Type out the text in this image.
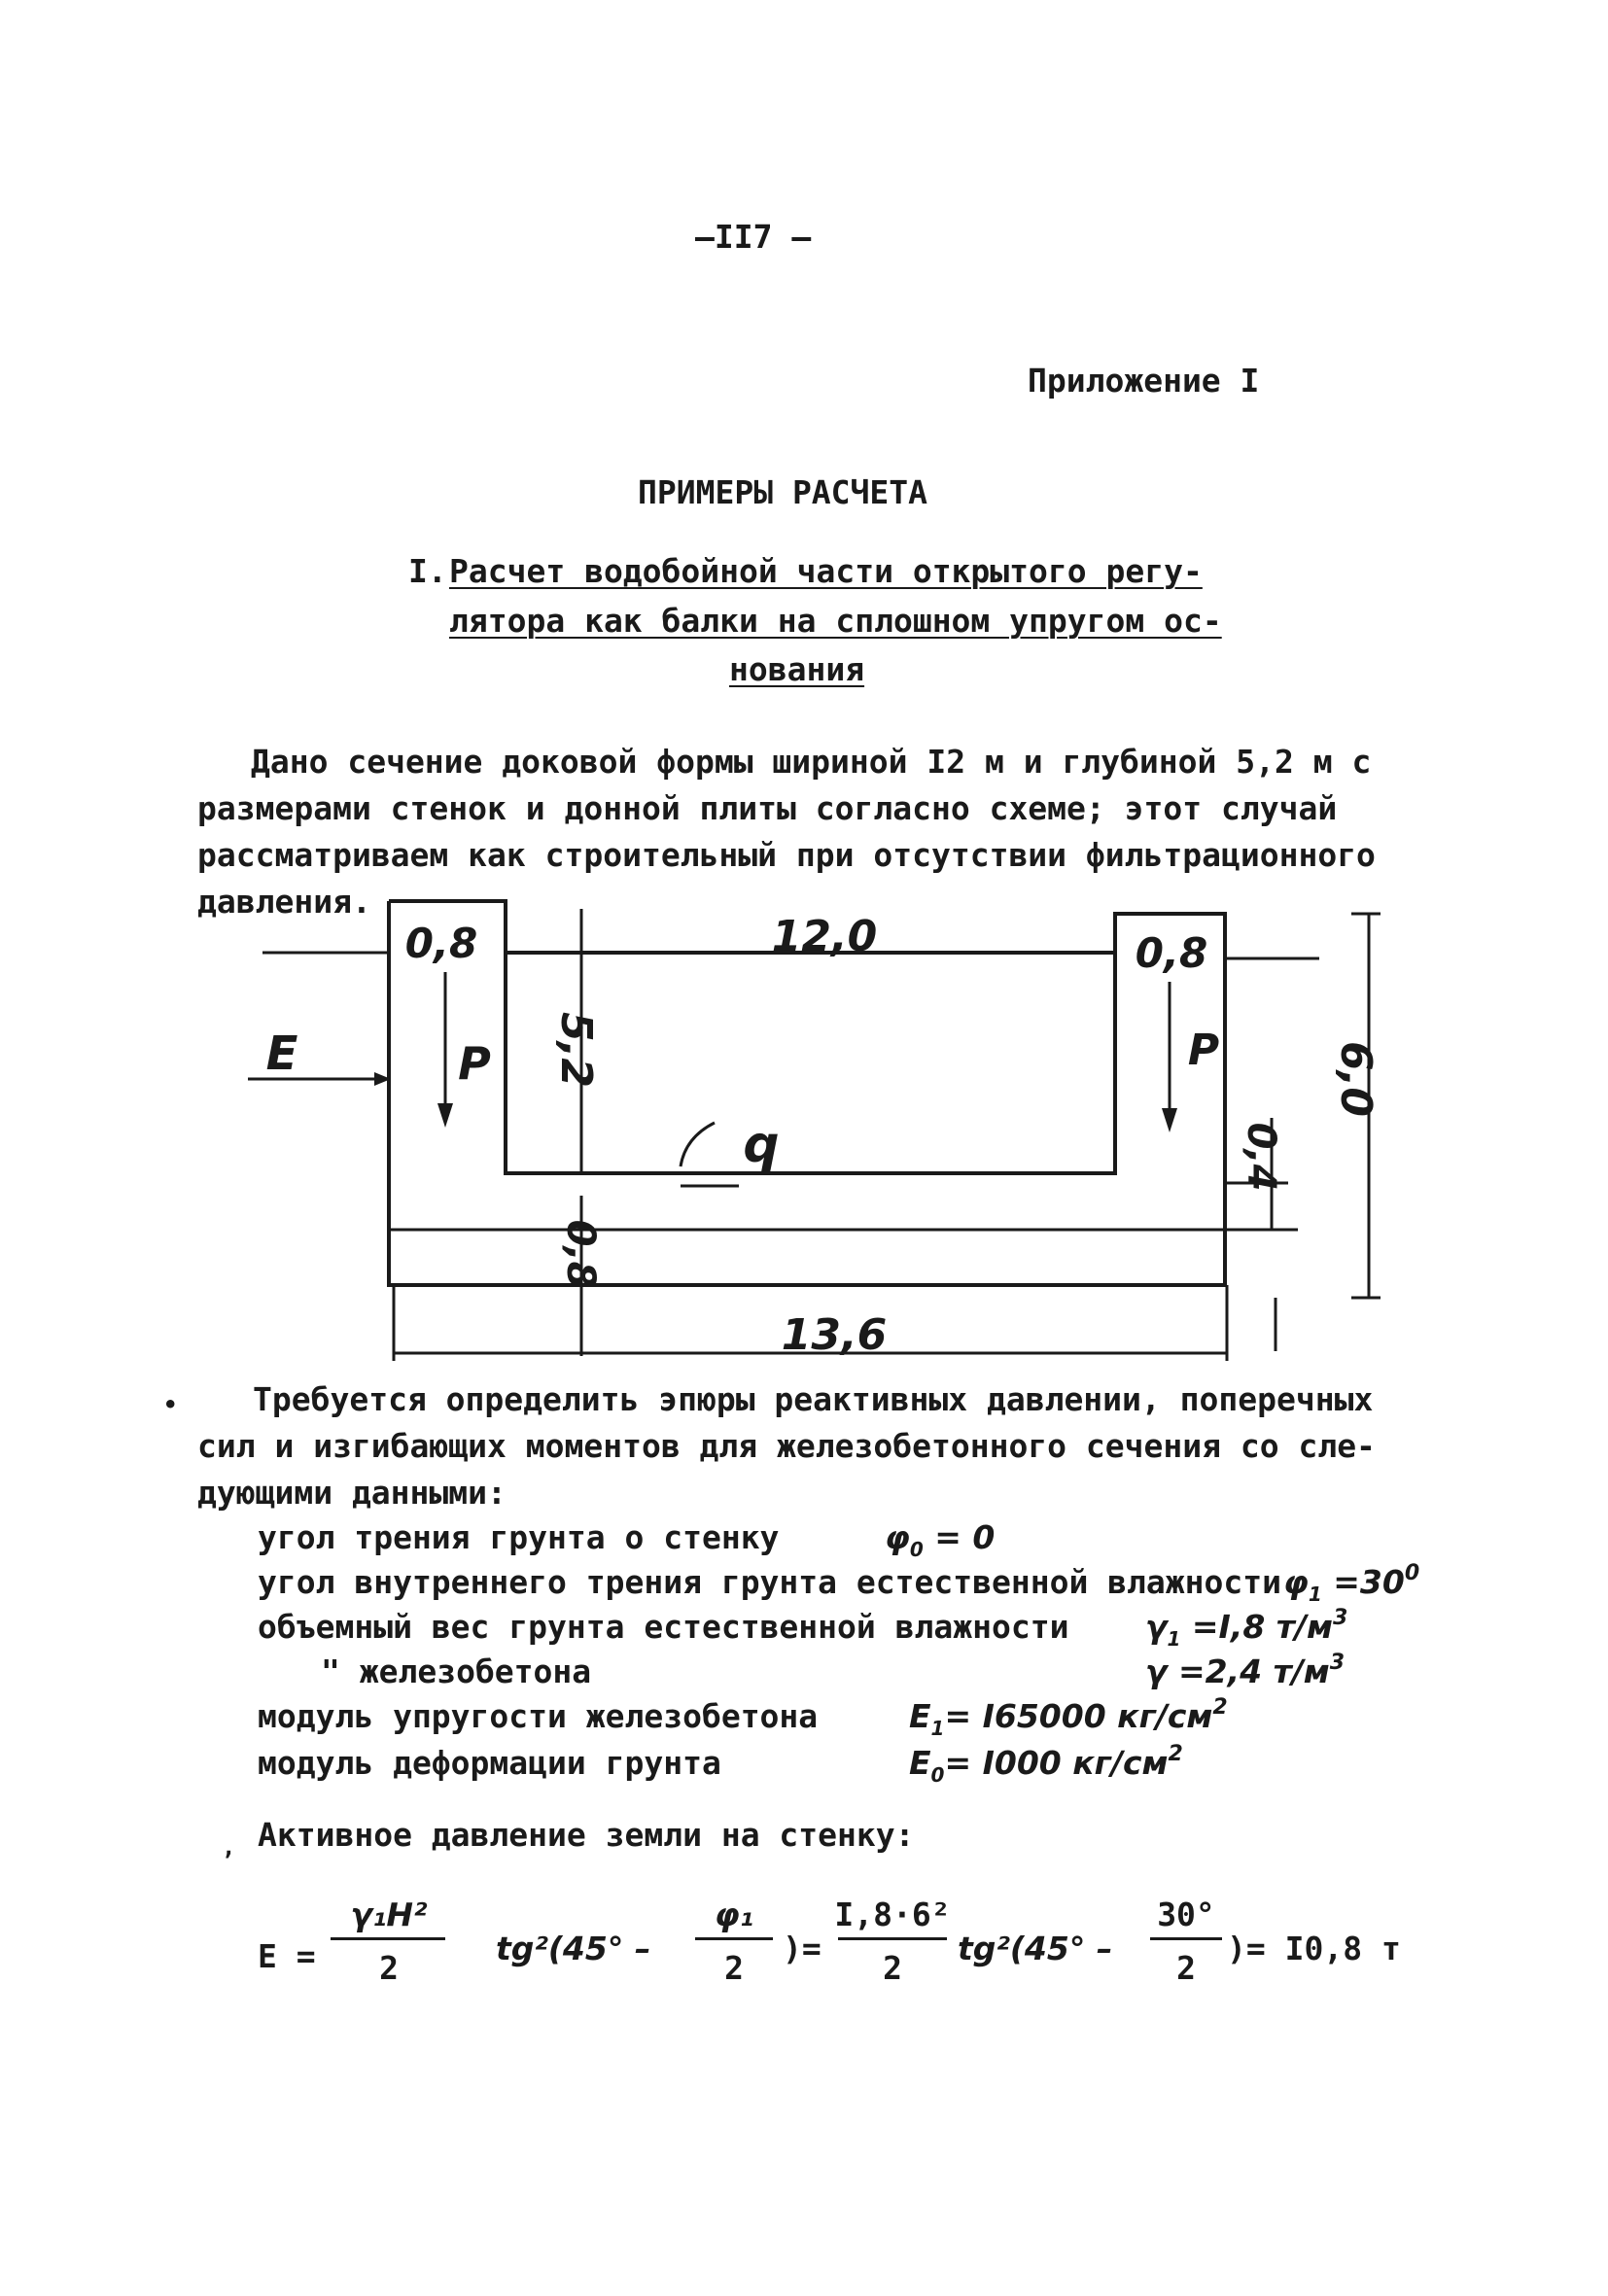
—II7 —
Приложение I
ПРИМЕРЫ РАСЧЕТА
I. Расчет водобойной части открытого регу-
лятора как балки на сплошном упругом ос-
нования
Дано сечение доковой формы шириной I2 м и глубиной 5,2 м с
размерами стенок и донной плиты согласно схеме; этот случай
рассматриваем как строительный при отсутствии фильтрационного
давления.
12,0
0,8	0,8
5,2	6,0
0,4
0,8
13,6
E	P	P
q
• Требуется определить эпюры реактивных давлении, поперечных
сил и изгибающих моментов для железобетонного сечения со сле-
дующими данными:
угол трения грунта о стенку	$\varphi_0 = 0$
угол внутреннего трения грунта естественной влажности $\varphi_1 =30^0$
объемный вес грунта естественной влажности $\gamma_1 =I,8$ $т/м^3$
" железобетона	γ =2,4 $т/м^3$
модуль упругости железобетона	$E_1= I65000$ $кг/см^2$
модуль деформации грунта	$E_0= I000$ $кг/см^2$
, Активное давление земли на стенку:
E =
γ₁H²
2
tg²(45° –
φ₁
2
)=
I,8·6²
2
tg²(45° –
30°
2
)= I0,8 т
